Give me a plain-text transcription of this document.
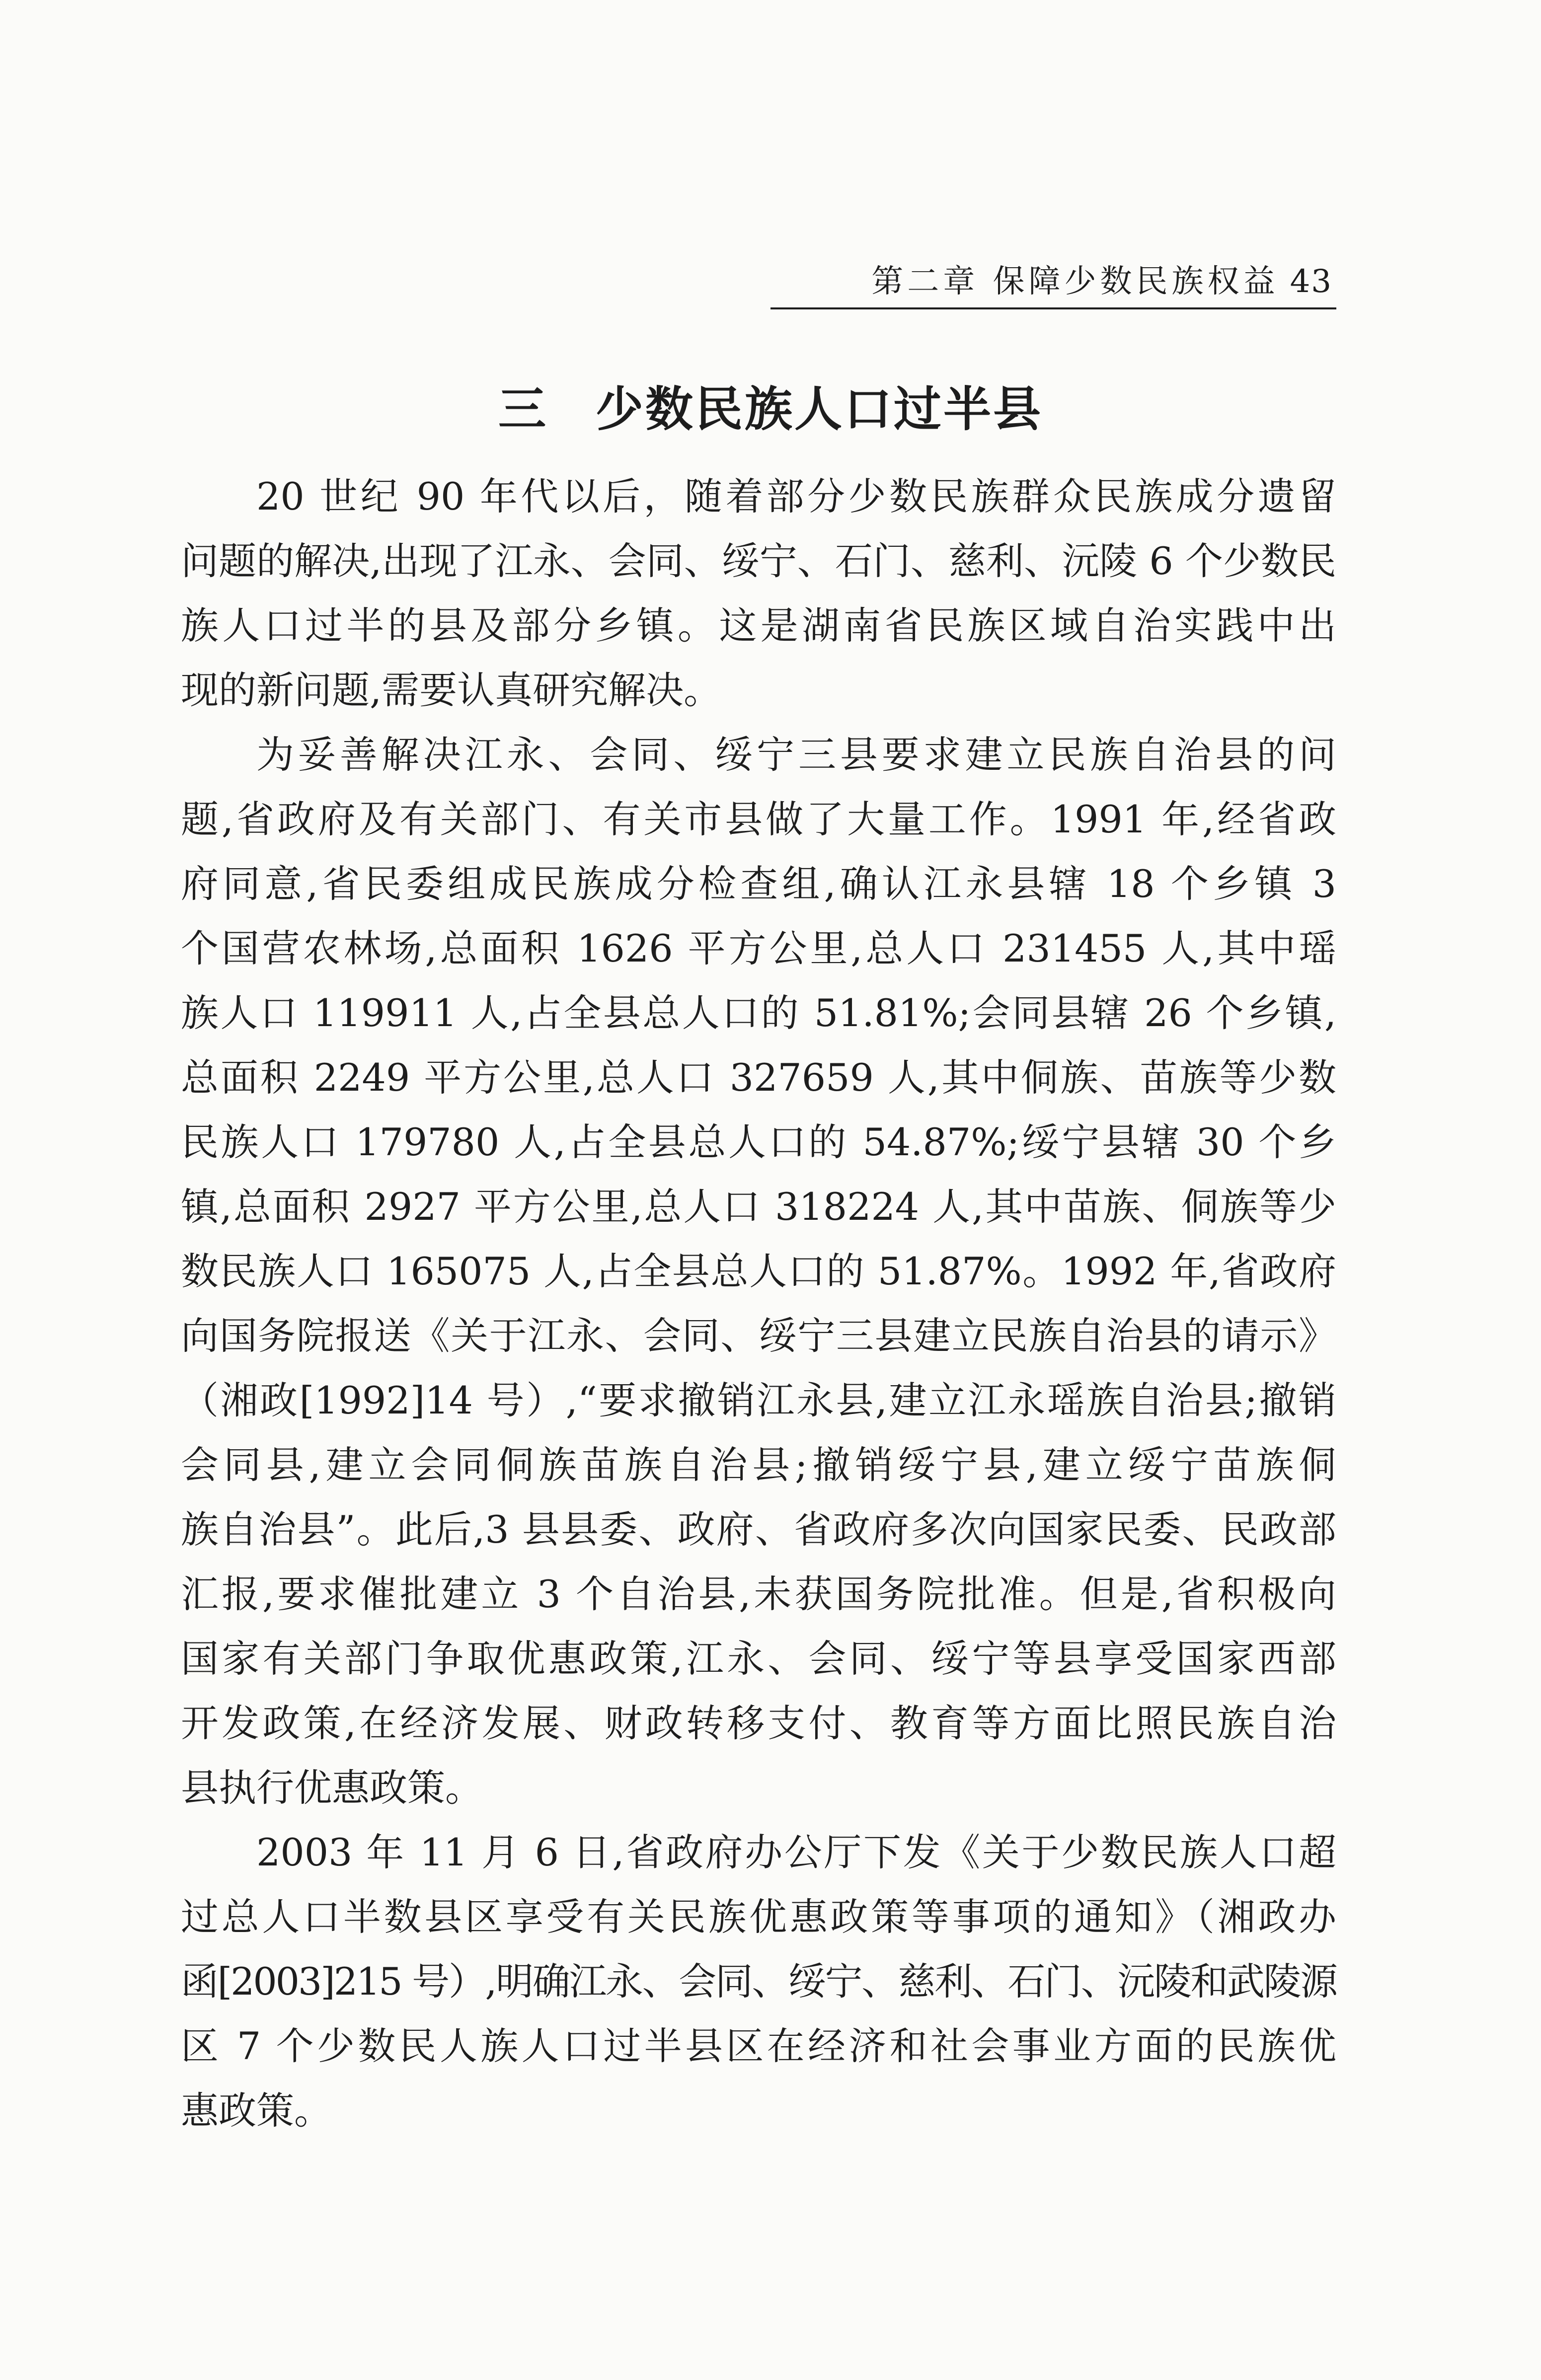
第二章 保障少数民族权益 43
三 少数民族人口过半县
20 世纪 90 年代以后，随着部分少数民族群众民族成分遗留
问题的解决,出现了江永、会同、绥宁、石门、慈利、沅陵 6 个少数民
族人口过半的县及部分乡镇。这是湖南省民族区域自治实践中出
现的新问题,需要认真研究解决。
为妥善解决江永、会同、绥宁三县要求建立民族自治县的问
题,省政府及有关部门、有关市县做了大量工作。1991 年,经省政
府同意,省民委组成民族成分检查组,确认江永县辖 18 个乡镇 3
个国营农林场,总面积 1626 平方公里,总人口 231455 人,其中瑶
族人口 119911 人,占全县总人口的 51.81%;会同县辖 26 个乡镇,
总面积 2249 平方公里,总人口 327659 人,其中侗族、苗族等少数
民族人口 179780 人,占全县总人口的 54.87%;绥宁县辖 30 个乡
镇,总面积 2927 平方公里,总人口 318224 人,其中苗族、侗族等少
数民族人口 165075 人,占全县总人口的 51.87%。1992 年,省政府
向国务院报送《关于江永、会同、绥宁三县建立民族自治县的请示》
（湘政[1992]14 号）,“要求撤销江永县,建立江永瑶族自治县;撤销
会同县,建立会同侗族苗族自治县;撤销绥宁县,建立绥宁苗族侗
族自治县”。此后,3 县县委、政府、省政府多次向国家民委、民政部
汇报,要求催批建立 3 个自治县,未获国务院批准。但是,省积极向
国家有关部门争取优惠政策,江永、会同、绥宁等县享受国家西部
开发政策,在经济发展、财政转移支付、教育等方面比照民族自治
县执行优惠政策。
2003 年 11 月 6 日,省政府办公厅下发《关于少数民族人口超
过总人口半数县区享受有关民族优惠政策等事项的通知》（湘政办
函[2003]215 号）,明确江永、会同、绥宁、慈利、石门、沅陵和武陵源
区 7 个少数民人族人口过半县区在经济和社会事业方面的民族优
惠政策。
